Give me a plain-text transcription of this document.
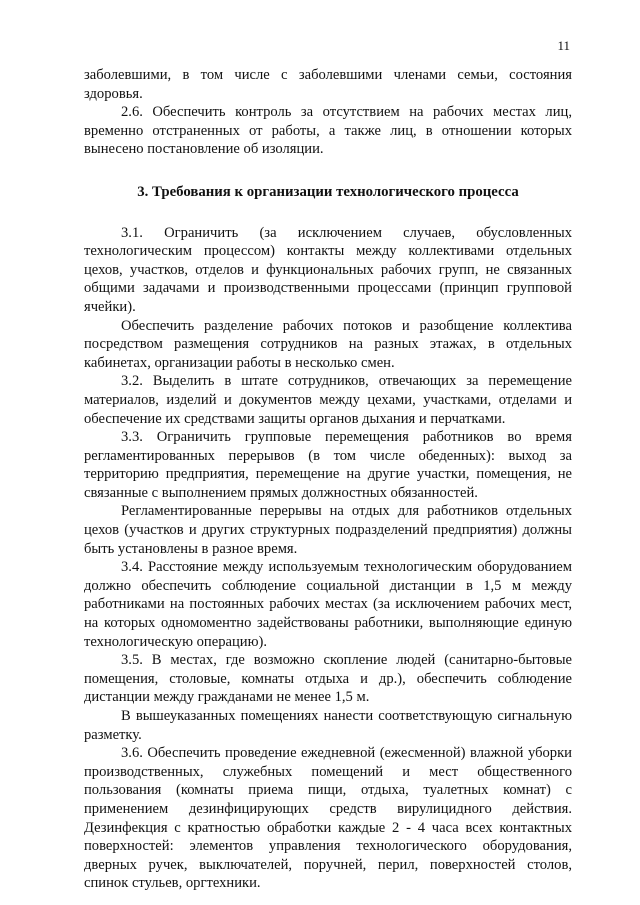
11

заболевшими, в том числе с заболевшими членами семьи, состояния здоровья.

2.6. Обеспечить контроль за отсутствием на рабочих местах лиц, временно отстраненных от работы, а также лиц, в отношении которых вынесено постановление об изоляции.

3. Требования к организации технологического процесса

3.1. Ограничить (за исключением случаев, обусловленных технологическим процессом) контакты между коллективами отдельных цехов, участков, отделов и функциональных рабочих групп, не связанных общими задачами и производственными процессами (принцип групповой ячейки).

Обеспечить разделение рабочих потоков и разобщение коллектива посредством размещения сотрудников на разных этажах, в отдельных кабинетах, организации работы в несколько смен.

3.2. Выделить в штате сотрудников, отвечающих за перемещение материалов, изделий и документов между цехами, участками, отделами и обеспечение их средствами защиты органов дыхания и перчатками.

3.3. Ограничить групповые перемещения работников во время регламентированных перерывов (в том числе обеденных): выход за территорию предприятия, перемещение на другие участки, помещения, не связанные с выполнением прямых должностных обязанностей.

Регламентированные перерывы на отдых для работников отдельных цехов (участков и других структурных подразделений предприятия) должны быть установлены в разное время.

3.4. Расстояние между используемым технологическим оборудованием должно обеспечить соблюдение социальной дистанции в 1,5 м между работниками на постоянных рабочих местах (за исключением рабочих мест, на которых одномоментно задействованы работники, выполняющие единую технологическую операцию).

3.5. В местах, где возможно скопление людей (санитарно-бытовые помещения, столовые, комнаты отдыха и др.), обеспечить соблюдение дистанции между гражданами не менее 1,5 м.

В вышеуказанных помещениях нанести соответствующую сигнальную разметку.

3.6. Обеспечить проведение ежедневной (ежесменной) влажной уборки производственных, служебных помещений и мест общественного пользования (комнаты приема пищи, отдыха, туалетных комнат) с применением дезинфицирующих средств вирулицидного действия. Дезинфекция с кратностью обработки каждые 2 - 4 часа всех контактных поверхностей: элементов управления технологического оборудования, дверных ручек, выключателей, поручней, перил, поверхностей столов, спинок стульев, оргтехники.
